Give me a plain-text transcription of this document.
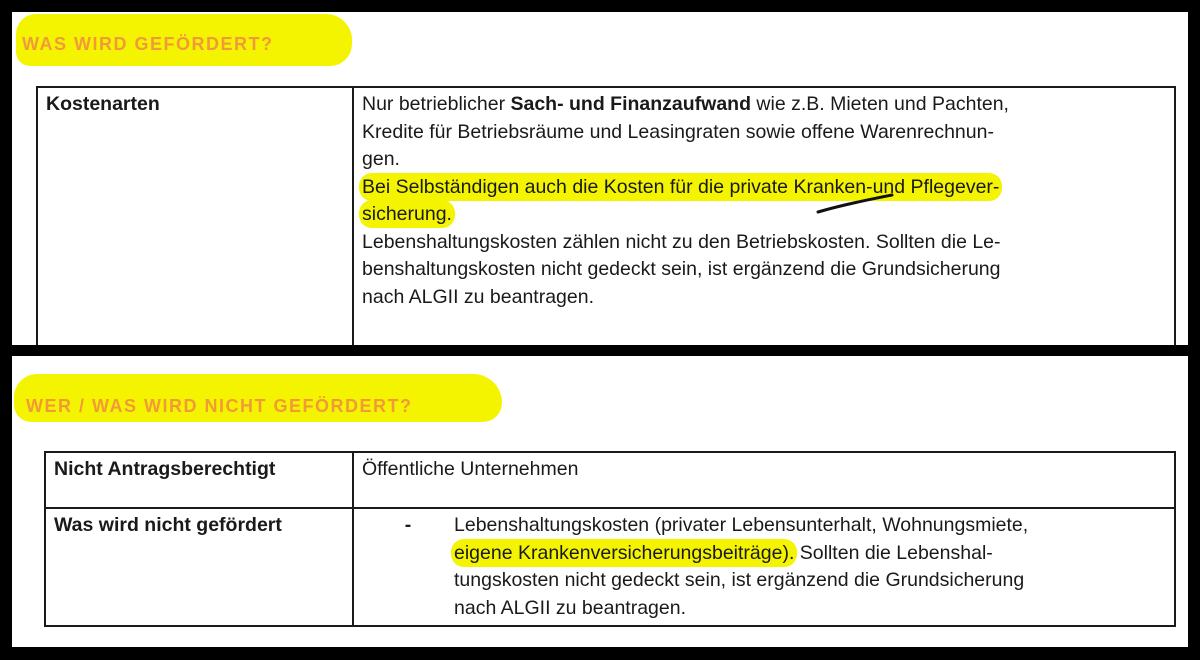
WAS WIRD GEFÖRDERT?
Kostenarten	Nur betrieblicher Sach- und Finanzaufwand wie z.B. Mieten und Pachten,
Kredite für Betriebsräume und Leasingraten sowie offene Warenrechnun-
gen.
Bei Selbständigen auch die Kosten für die private Kranken-und Pflegever-
sicherung.
Lebenshaltungskosten zählen nicht zu den Betriebskosten. Sollten die Le-
benshaltungskosten nicht gedeckt sein, ist ergänzend die Grundsicherung
nach ALGII zu beantragen.
WER / WAS WIRD NICHT GEFÖRDERT?
Nicht Antragsberechtigt	Öffentliche Unternehmen
Was wird nicht gefördert	- Lebenshaltungskosten (privater Lebensunterhalt, Wohnungsmiete,
eigene Krankenversicherungsbeiträge). Sollten die Lebenshal-
tungskosten nicht gedeckt sein, ist ergänzend die Grundsicherung
nach ALGII zu beantragen.
